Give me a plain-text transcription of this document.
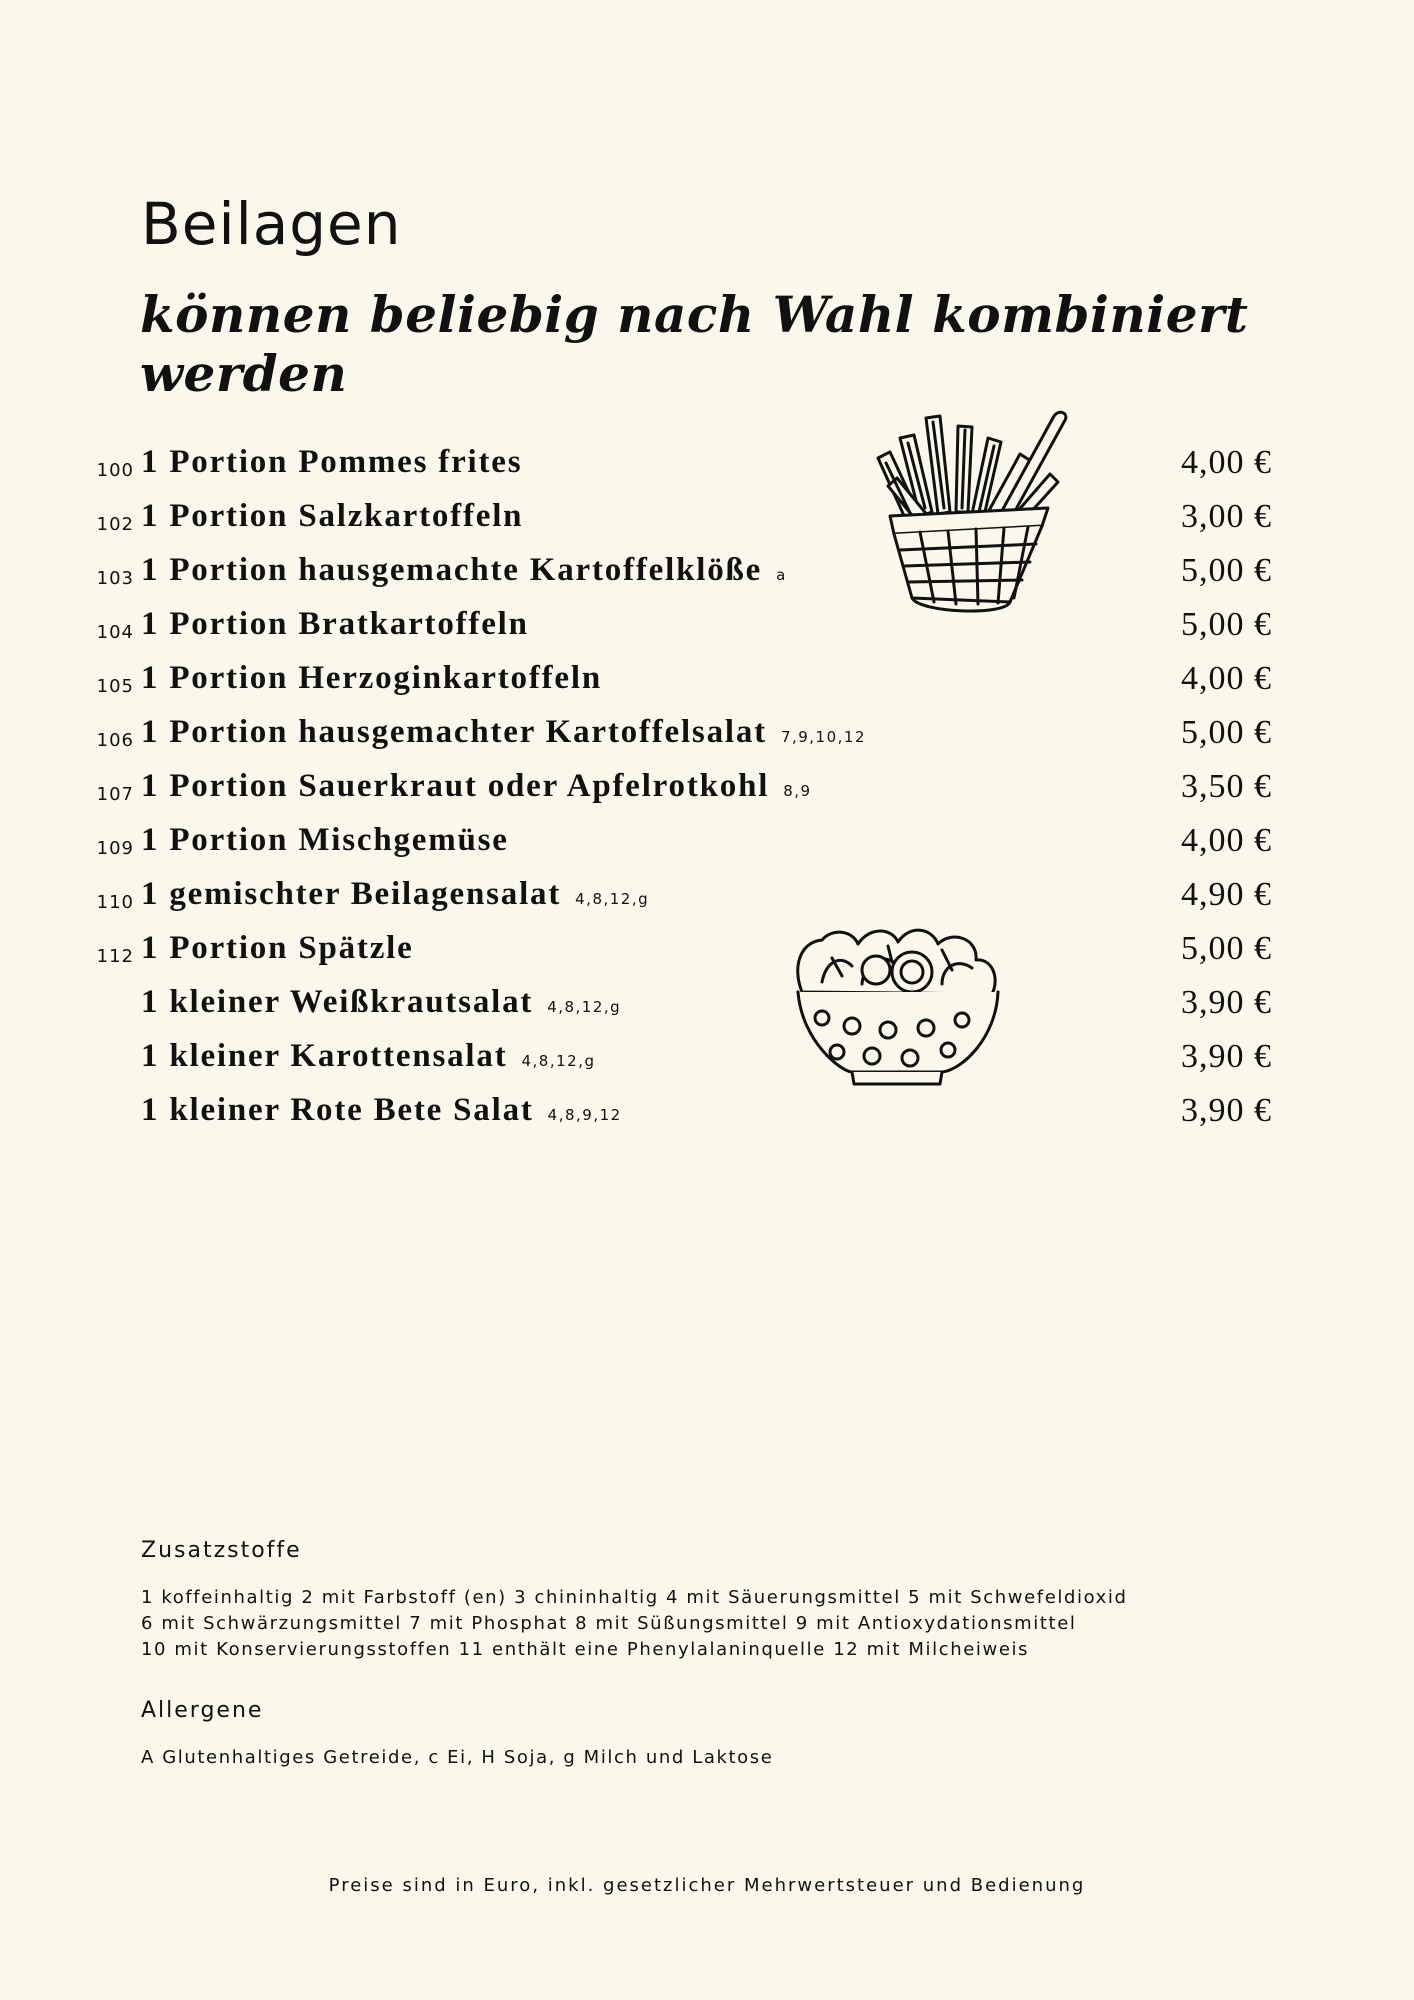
Beilagen
können beliebig nach Wahl kombiniert werden
100 1 Portion Pommes frites	4,00 €
102 1 Portion Salzkartoffeln	3,00 €
103 1 Portion hausgemachte Kartoffelklöße a	5,00 €
104 1 Portion Bratkartoffeln	5,00 €
105 1 Portion Herzoginkartoffeln	4,00 €
106 1 Portion hausgemachter Kartoffelsalat 7,9,10,12	5,00 €
107 1 Portion Sauerkraut oder Apfelrotkohl 8,9	3,50 €
109 1 Portion Mischgemüse	4,00 €
110 1 gemischter Beilagensalat 4,8,12,g	4,90 €
112 1 Portion Spätzle	5,00 €
1 kleiner Weißkrautsalat 4,8,12,g	3,90 €
1 kleiner Karottensalat 4,8,12,g	3,90 €
1 kleiner Rote Bete Salat 4,8,9,12	3,90 €

Zusatzstoffe

1 koffeinhaltig 2 mit Farbstoff (en) 3 chininhaltig 4 mit Säuerungsmittel 5 mit Schwefeldioxid

6 mit Schwärzungsmittel 7 mit Phosphat 8 mit Süßungsmittel 9 mit Antioxydationsmittel

10 mit Konservierungsstoffen 11 enthält eine Phenylalaninquelle 12 mit Milcheiweis

Allergene

A Glutenhaltiges Getreide, c Ei, H Soja, g Milch und Laktose

Preise sind in Euro, inkl. gesetzlicher Mehrwertsteuer und Bedienung
